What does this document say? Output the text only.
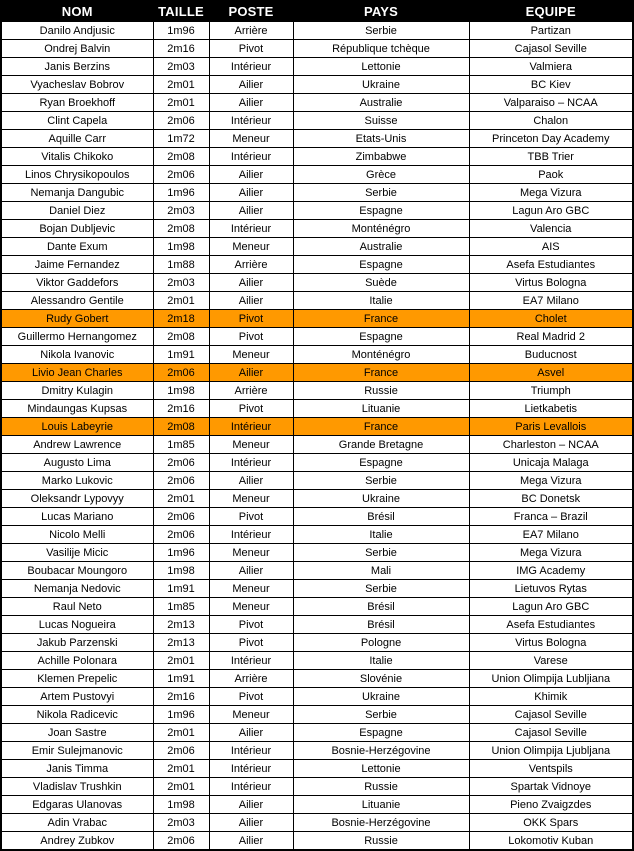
NOM	TAILLE	POSTE	PAYS	EQUIPE
Danilo Andjusic	1m96	Arrière	Serbie	Partizan
Ondrej Balvin	2m16	Pivot	République tchèque	Cajasol Seville
Janis Berzins	2m03	Intérieur	Lettonie	Valmiera
Vyacheslav Bobrov	2m01	Ailier	Ukraine	BC Kiev
Ryan Broekhoff	2m01	Ailier	Australie	Valparaiso – NCAA
Clint Capela	2m06	Intérieur	Suisse	Chalon
Aquille Carr	1m72	Meneur	Etats-Unis	Princeton Day Academy
Vitalis Chikoko	2m08	Intérieur	Zimbabwe	TBB Trier
Linos Chrysikopoulos	2m06	Ailier	Grèce	Paok
Nemanja Dangubic	1m96	Ailier	Serbie	Mega Vizura
Daniel Diez	2m03	Ailier	Espagne	Lagun Aro GBC
Bojan Dubljevic	2m08	Intérieur	Monténégro	Valencia
Dante Exum	1m98	Meneur	Australie	AIS
Jaime Fernandez	1m88	Arrière	Espagne	Asefa Estudiantes
Viktor Gaddefors	2m03	Ailier	Suède	Virtus Bologna
Alessandro Gentile	2m01	Ailier	Italie	EA7 Milano
Rudy Gobert	2m18	Pivot	France	Cholet
Guillermo Hernangomez	2m08	Pivot	Espagne	Real Madrid 2
Nikola Ivanovic	1m91	Meneur	Monténégro	Buducnost
Livio Jean Charles	2m06	Ailier	France	Asvel
Dmitry Kulagin	1m98	Arrière	Russie	Triumph
Mindaungas Kupsas	2m16	Pivot	Lituanie	Lietkabetis
Louis Labeyrie	2m08	Intérieur	France	Paris Levallois
Andrew Lawrence	1m85	Meneur	Grande Bretagne	Charleston – NCAA
Augusto Lima	2m06	Intérieur	Espagne	Unicaja Malaga
Marko Lukovic	2m06	Ailier	Serbie	Mega Vizura
Oleksandr Lypovyy	2m01	Meneur	Ukraine	BC Donetsk
Lucas Mariano	2m06	Pivot	Brésil	Franca – Brazil
Nicolo Melli	2m06	Intérieur	Italie	EA7 Milano
Vasilije Micic	1m96	Meneur	Serbie	Mega Vizura
Boubacar Moungoro	1m98	Ailier	Mali	IMG Academy
Nemanja Nedovic	1m91	Meneur	Serbie	Lietuvos Rytas
Raul Neto	1m85	Meneur	Brésil	Lagun Aro GBC
Lucas Nogueira	2m13	Pivot	Brésil	Asefa Estudiantes
Jakub Parzenski	2m13	Pivot	Pologne	Virtus Bologna
Achille Polonara	2m01	Intérieur	Italie	Varese
Klemen Prepelic	1m91	Arrière	Slovénie	Union Olimpija Lubljiana
Artem Pustovyi	2m16	Pivot	Ukraine	Khimik
Nikola Radicevic	1m96	Meneur	Serbie	Cajasol Seville
Joan Sastre	2m01	Ailier	Espagne	Cajasol Seville
Emir Sulejmanovic	2m06	Intérieur	Bosnie-Herzégovine	Union Olimpija Ljubljana
Janis Timma	2m01	Intérieur	Lettonie	Ventspils
Vladislav Trushkin	2m01	Intérieur	Russie	Spartak Vidnoye
Edgaras Ulanovas	1m98	Ailier	Lituanie	Pieno Zvaigzdes
Adin Vrabac	2m03	Ailier	Bosnie-Herzégovine	OKK Spars
Andrey Zubkov	2m06	Ailier	Russie	Lokomotiv Kuban
